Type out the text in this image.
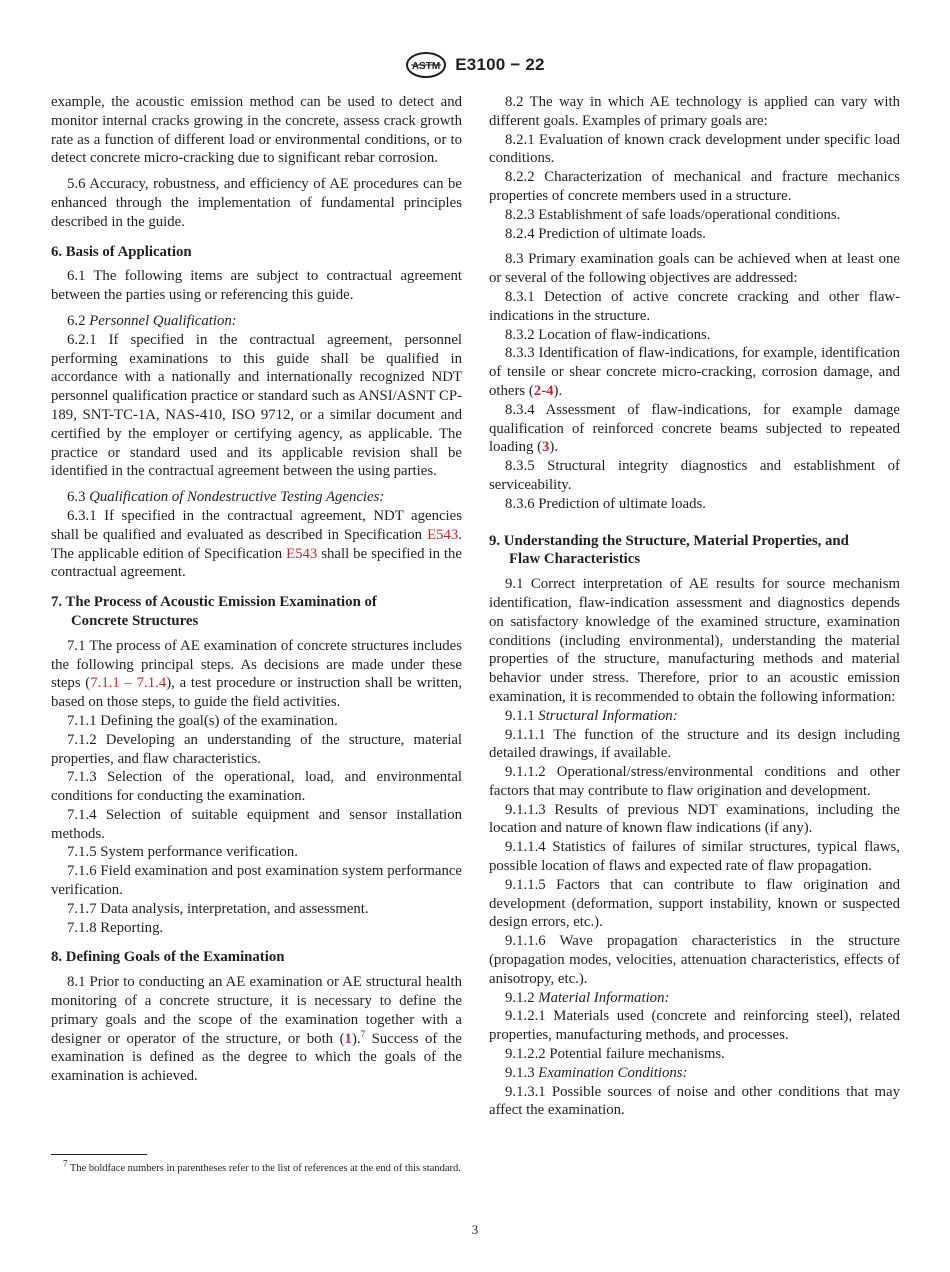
ASTM E3100 − 22

example, the acoustic emission method can be used to detect and monitor internal cracks growing in the concrete, assess crack growth rate as a function of different load or environmental conditions, or to detect concrete micro-cracking due to significant rebar corrosion.

5.6 Accuracy, robustness, and efficiency of AE procedures can be enhanced through the implementation of fundamental principles described in the guide.

6. Basis of Application

6.1 The following items are subject to contractual agreement between the parties using or referencing this guide.

6.2 Personnel Qualification:

6.2.1 If specified in the contractual agreement, personnel performing examinations to this guide shall be qualified in accordance with a nationally and internationally recognized NDT personnel qualification practice or standard such as ANSI/ASNT CP-189, SNT-TC-1A, NAS-410, ISO 9712, or a similar document and certified by the employer or certifying agency, as applicable. The practice or standard used and its applicable revision shall be identified in the contractual agreement between the using parties.

6.3 Qualification of Nondestructive Testing Agencies:

6.3.1 If specified in the contractual agreement, NDT agencies shall be qualified and evaluated as described in Specification E543. The applicable edition of Specification E543 shall be specified in the contractual agreement.

7. The Process of Acoustic Emission Examination of
Concrete Structures

7.1 The process of AE examination of concrete structures includes the following principal steps. As decisions are made under these steps (7.1.1 – 7.1.4), a test procedure or instruction shall be written, based on those steps, to guide the field activities.

7.1.1 Defining the goal(s) of the examination.

7.1.2 Developing an understanding of the structure, material properties, and flaw characteristics.

7.1.3 Selection of the operational, load, and environmental conditions for conducting the examination.

7.1.4 Selection of suitable equipment and sensor installation methods.

7.1.5 System performance verification.

7.1.6 Field examination and post examination system performance verification.

7.1.7 Data analysis, interpretation, and assessment.

7.1.8 Reporting.

8. Defining Goals of the Examination

8.1 Prior to conducting an AE examination or AE structural health monitoring of a concrete structure, it is necessary to define the primary goals and the scope of the examination together with a designer or operator of the structure, or both (1).$^7$ Success of the examination is defined as the degree to which the goals of the examination is achieved.

$^7$ The boldface numbers in parentheses refer to the list of references at the end of this standard.

8.2 The way in which AE technology is applied can vary with different goals. Examples of primary goals are:

8.2.1 Evaluation of known crack development under specific load conditions.

8.2.2 Characterization of mechanical and fracture mechanics properties of concrete members used in a structure.

8.2.3 Establishment of safe loads/operational conditions.

8.2.4 Prediction of ultimate loads.

8.3 Primary examination goals can be achieved when at least one or several of the following objectives are addressed:

8.3.1 Detection of active concrete cracking and other flaw-indications in the structure.

8.3.2 Location of flaw-indications.

8.3.3 Identification of flaw-indications, for example, identification of tensile or shear concrete micro-cracking, corrosion damage, and others (2-4).

8.3.4 Assessment of flaw-indications, for example damage qualification of reinforced concrete beams subjected to repeated loading (3).

8.3.5 Structural integrity diagnostics and establishment of serviceability.

8.3.6 Prediction of ultimate loads.

9. Understanding the Structure, Material Properties, and
Flaw Characteristics

9.1 Correct interpretation of AE results for source mechanism identification, flaw-indication assessment and diagnostics depends on satisfactory knowledge of the examined structure, examination conditions (including environmental), understanding the material properties of the structure, manufacturing methods and material behavior under stress. Therefore, prior to an acoustic emission examination, it is recommended to obtain the following information:

9.1.1 Structural Information:

9.1.1.1 The function of the structure and its design including detailed drawings, if available.

9.1.1.2 Operational/stress/environmental conditions and other factors that may contribute to flaw origination and development.

9.1.1.3 Results of previous NDT examinations, including the location and nature of known flaw indications (if any).

9.1.1.4 Statistics of failures of similar structures, typical flaws, possible location of flaws and expected rate of flaw propagation.

9.1.1.5 Factors that can contribute to flaw origination and development (deformation, support instability, known or suspected design errors, etc.).

9.1.1.6 Wave propagation characteristics in the structure (propagation modes, velocities, attenuation characteristics, effects of anisotropy, etc.).

9.1.2 Material Information:

9.1.2.1 Materials used (concrete and reinforcing steel), related properties, manufacturing methods, and processes.

9.1.2.2 Potential failure mechanisms.

9.1.3 Examination Conditions:

9.1.3.1 Possible sources of noise and other conditions that may affect the examination.

3
